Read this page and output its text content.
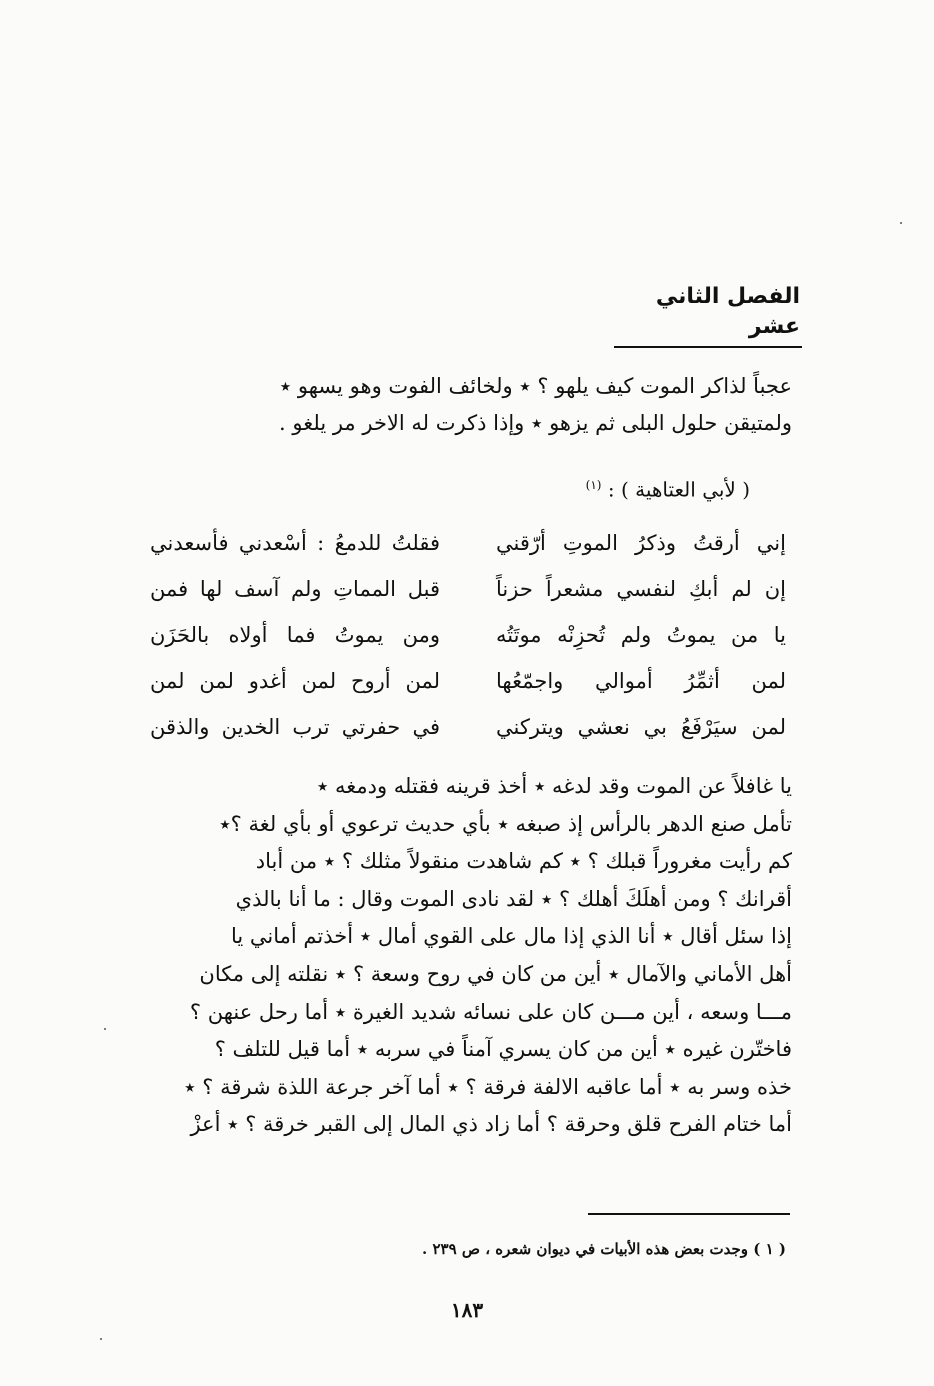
الفصل الثاني عشر
عجباً لذاكر الموت كيف يلهو ؟ ٭ ولخائف الفوت وهو يسهو ٭
ولمتيقن حلول البلى ثم يزهو ٭ وإذا ذكرت له الاخر مر يلغو .
( لأبي العتاهية ) : $^{(١)}$
إني أرقتُ وذكرُ الموتِ أرّقني
فقلتُ للدمعُ : أسْعدني فأسعدني
إن لم أبكِ لنفسي مشعراً حزناً
قبل المماتِ ولم آسف لها فمن
يا من يموتُ ولم تُحزِنْه موتَتُه
ومن يموتُ فما أولاه بالحَزَن
لمن أثمِّرُ أموالي واجمّعُها
لمن أروح لمن أغدو لمن لمن
لمن سيَرْفَعُ بي نعشي ويتركني
في حفرتي ترب الخدين والذقن
يا غافلاً عن الموت وقد لدغه ٭ أخذ قرينه فقتله ودمغه ٭
تأمل صنع الدهر بالرأس إذ صبغه ٭ بأي حديث ترعوي أو بأي لغة ؟٭
كم رأيت مغروراً قبلك ؟ ٭ كم شاهدت منقولاً مثلك ؟ ٭ من أباد
أقرانك ؟ ومن أهلَكَ أهلك ؟ ٭ لقد نادى الموت وقال : ما أنا بالذي
إذا سئل أقال ٭ أنا الذي إذا مال على القوي أمال ٭ أخذتم أماني يا
أهل الأماني والآمال ٭ أين من كان في روح وسعة ؟ ٭ نقلته إلى مكان
مـــا وسعه ، أين مـــن كان على نسائه شديد الغيرة ٭ أما رحل عنهن ؟
فاختّرن غيره ٭ أين من كان يسري آمناً في سربه ٭ أما قيل للتلف ؟
خذه وسر به ٭ أما عاقبه الالفة فرقة ؟ ٭ أما آخر جرعة اللذة شرقة ؟ ٭
أما ختام الفرح قلق وحرقة ؟ أما زاد ذي المال إلى القبر خرقة ؟ ٭ أعزْ
( ١ ) وجدت بعض هذه الأبيات في ديوان شعره ، ص ٢٣٩ .
١٨٣
